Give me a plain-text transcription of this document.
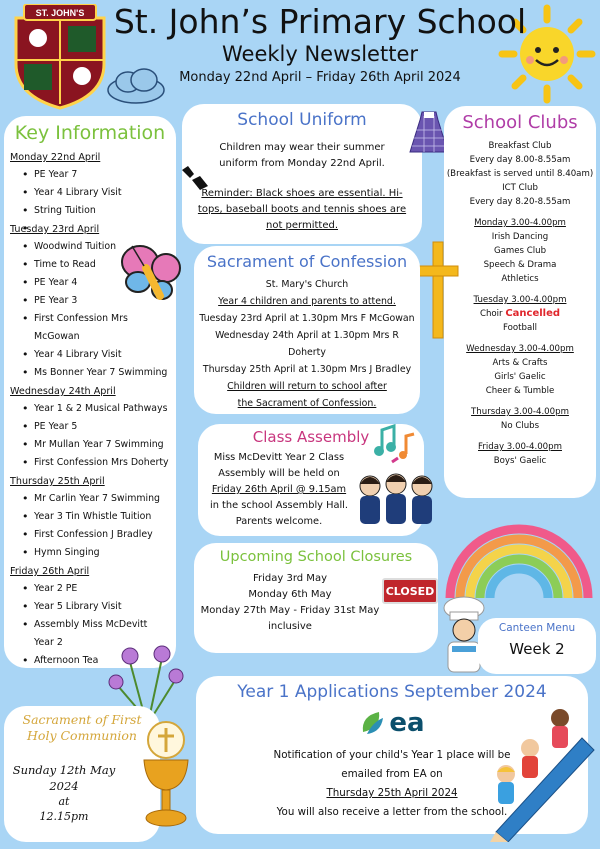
ST. JOHN'S St. John’s Primary School
Weekly Newsletter
Monday 22nd April – Friday 26th April 2024
Key Information
Monday 22nd April
• PE Year 7
• Year 4 Library Visit
• String Tuition
Tuesday 23rd April
• Woodwind Tuition
• Time to Read
• PE Year 4
• PE Year 3
• First Confession Mrs McGowan
• Year 4 Library Visit
• Ms Bonner Year 7 Swimming
Wednesday 24th April
• Year 1 & 2 Musical Pathways
• PE Year 5
• Mr Mullan Year 7 Swimming
• First Confession Mrs Doherty
Thursday 25th April
• Mr Carlin Year 7 Swimming
• Year 3 Tin Whistle Tuition
• First Confession J Bradley
• Hymn Singing
Friday 26th April
• Year 2 PE
• Year 5 Library Visit
• Assembly Miss McDevitt Year 2
• Afternoon Tea
School Uniform

Children may wear their summer uniform from Monday 22nd April.

Reminder: Black shoes are essential. Hi-tops, baseball boots and tennis shoes are not permitted.

School Clubs
Breakfast Club
Every day 8.00-8.55am
(Breakfast is served until 8.40am)
ICT Club
Every day 8.20-8.55am
Monday 3.00-4.00pm
Irish Dancing
Games Club
Speech & Drama
Athletics
Tuesday 3.00-4.00pm
Choir Cancelled
Football
Wednesday 3.00-4.00pm
Arts & Crafts
Girls' Gaelic
Cheer & Tumble
Thursday 3.00-4.00pm
No Clubs
Friday 3.00-4.00pm
Boys' Gaelic
Sacrament of Confession

St. Mary's Church

Year 4 children and parents to attend.

Tuesday 23rd April at 1.30pm Mrs F McGowan

Wednesday 24th April at 1.30pm Mrs R Doherty

Thursday 25th April at 1.30pm Mrs J Bradley

Children will return to school after the Sacrament of Confession.

Class Assembly

Miss McDevitt Year 2 Class Assembly will be held on

Friday 26th April @ 9.15am

in the school Assembly Hall. Parents welcome.

Upcoming School Closures

Friday 3rd May

Monday 6th May

Monday 27th May - Friday 31st May inclusive

CLOSED
Canteen Menu
Week 2
Year 1 Applications September 2024
ea

Notification of your child's Year 1 place will be emailed from EA on

Thursday 25th April 2024

You will also receive a letter from the school.

Sacrament of First Holy Communion
Sunday 12th May 2024
at
12.15pm
